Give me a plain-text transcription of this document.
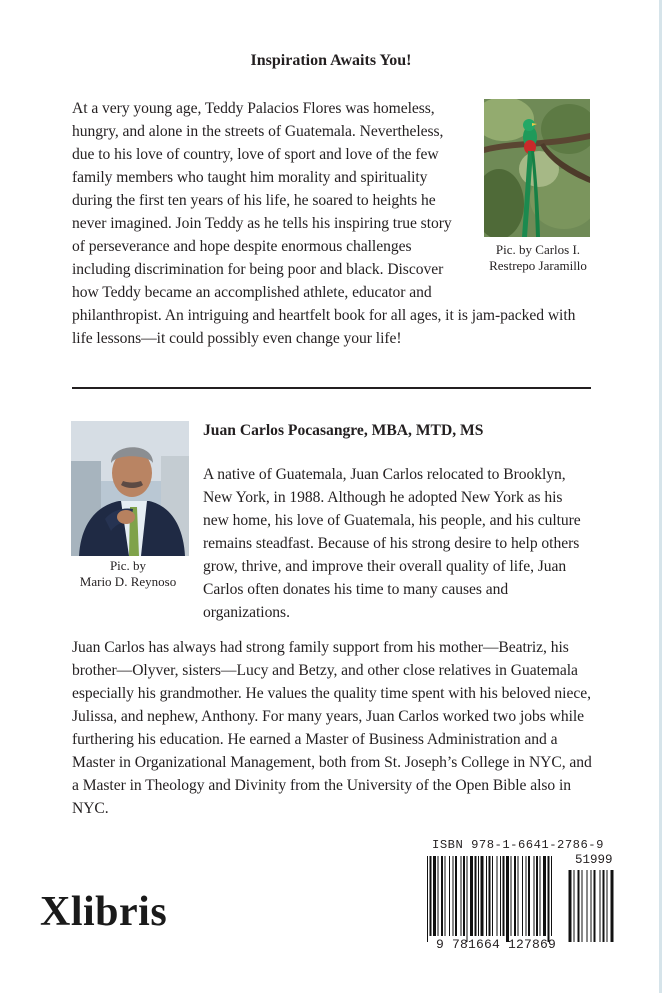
Inspiration Awaits You!

At a very young age, Teddy Palacios Flores was homeless, hungry, and alone in the streets of Guatemala. Nevertheless, due to his love of country, love of sport and love of the few family members who taught him morality and spirituality during the first ten years of his life, he soared to heights he never imagined. Join Teddy as he tells his inspiring true story of perseverance and hope despite enormous challenges including discrimination for being poor and black. Discover how Teddy became an accomplished athlete, educator and philanthropist. An intriguing and heartfelt book for all ages, it is jam-packed with life lessons—it could possibly even change your life!

Pic. by Carlos I.
Restrepo Jaramillo
Pic. by
Mario D. Reynoso
Juan Carlos Pocasangre, MBA, MTD, MS

A native of Guatemala, Juan Carlos relocated to Brooklyn, New York, in 1988. Although he adopted New York as his new home, his love of Guatemala, his people, and his culture remains steadfast. Because of his strong desire to help others grow, thrive, and improve their overall quality of life, Juan Carlos often donates his time to many causes and organizations.

Juan Carlos has always had strong family support from his mother—Beatriz, his brother—Olyver, sisters—Lucy and Betzy, and other close relatives in Guatemala especially his grandmother. He values the quality time spent with his beloved niece, Julissa, and nephew, Anthony. For many years, Juan Carlos worked two jobs while furthering his education. He earned a Master of Business Administration and a Master in Organizational Management, both from St. Joseph’s College in NYC, and a Master in Theology and Divinity from the University of the Open Bible also in NYC.

Xlibris
ISBN 978-1-6641-2786-9
51999
9 781664 127869
